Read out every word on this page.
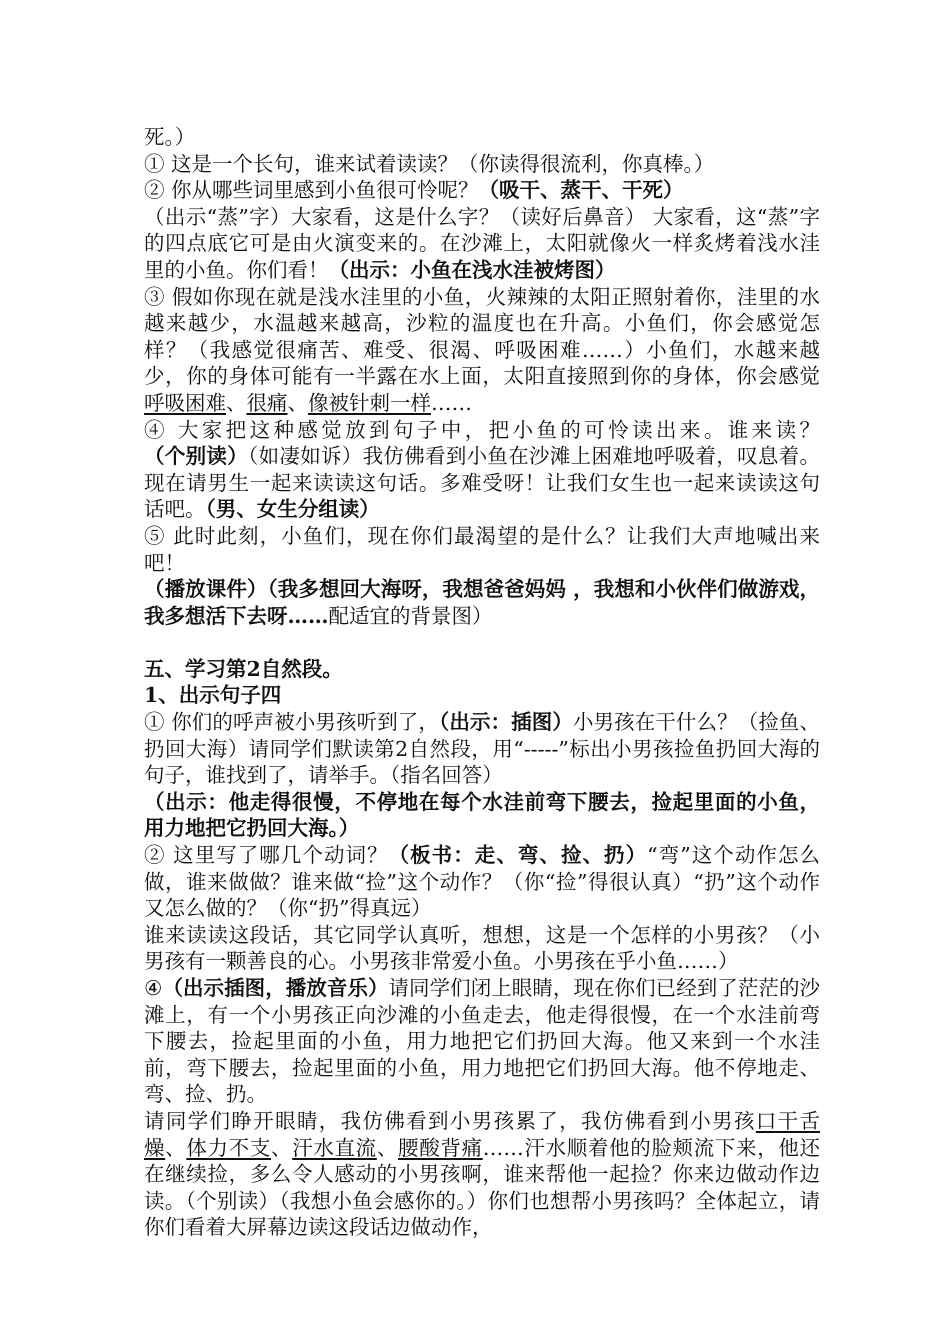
死。）

① 这是一个长句，谁来试着读读？（你读得很流利，你真棒。）

② 你从哪些词里感到小鱼很可怜呢？（吸干、蒸干、干死）

（出示“蒸”字）大家看，这是什么字？（读好后鼻音） 大家看，这“蒸”字的四点底它可是由火演变来的。在沙滩上，太阳就像火一样炙烤着浅水洼里的小鱼。你们看！（出示：小鱼在浅水洼被烤图）

③ 假如你现在就是浅水洼里的小鱼，火辣辣的太阳正照射着你，洼里的水越来越少，水温越来越高，沙粒的温度也在升高。小鱼们，你会感觉怎样？（我感觉很痛苦、难受、很渴、呼吸困难……）小鱼们，水越来越少，你的身体可能有一半露在水上面，太阳直接照到你的身体，你会感觉呼吸困难、很痛、像被针刺一样……

④ 大家把这种感觉放到句子中，把小鱼的可怜读出来。谁来读？（个别读）（如凄如诉）我仿佛看到小鱼在沙滩上困难地呼吸着，叹息着。现在请男生一起来读读这句话。多难受呀！让我们女生也一起来读读这句话吧。（男、女生分组读）

⑤ 此时此刻，小鱼们，现在你们最渴望的是什么？让我们大声地喊出来吧！

（播放课件）（我多想回大海呀，我想爸爸妈妈 ，我想和小伙伴们做游戏，我多想活下去呀……配适宜的背景图）

五、学习第2自然段。

1、出示句子四

① 你们的呼声被小男孩听到了，（出示：插图）小男孩在干什么？（捡鱼、扔回大海）请同学们默读第2自然段，用“-----”标出小男孩捡鱼扔回大海的句子，谁找到了，请举手。（指名回答）

（出示：他走得很慢，不停地在每个水洼前弯下腰去，捡起里面的小鱼，用力地把它扔回大海。）

② 这里写了哪几个动词？（板书：走、弯、捡、扔）“弯”这个动作怎么做，谁来做做？谁来做“捡”这个动作？（你“捡”得很认真）“扔”这个动作又怎么做的？（你“扔”得真远）

谁来读读这段话，其它同学认真听，想想，这是一个怎样的小男孩？（小男孩有一颗善良的心。小男孩非常爱小鱼。小男孩在乎小鱼……）

④（出示插图，播放音乐）请同学们闭上眼睛，现在你们已经到了茫茫的沙滩上，有一个小男孩正向沙滩的小鱼走去，他走得很慢，在一个水洼前弯下腰去，捡起里面的小鱼，用力地把它们扔回大海。他又来到一个水洼前，弯下腰去，捡起里面的小鱼，用力地把它们扔回大海。他不停地走、弯、捡、扔。

请同学们睁开眼睛，我仿佛看到小男孩累了，我仿佛看到小男孩口干舌燥、体力不支、汗水直流、腰酸背痛……汗水顺着他的脸颊流下来，他还在继续捡，多么令人感动的小男孩啊，谁来帮他一起捡？你来边做动作边读。（个别读）（我想小鱼会感你的。）你们也想帮小男孩吗？全体起立，请你们看着大屏幕边读这段话边做动作，
